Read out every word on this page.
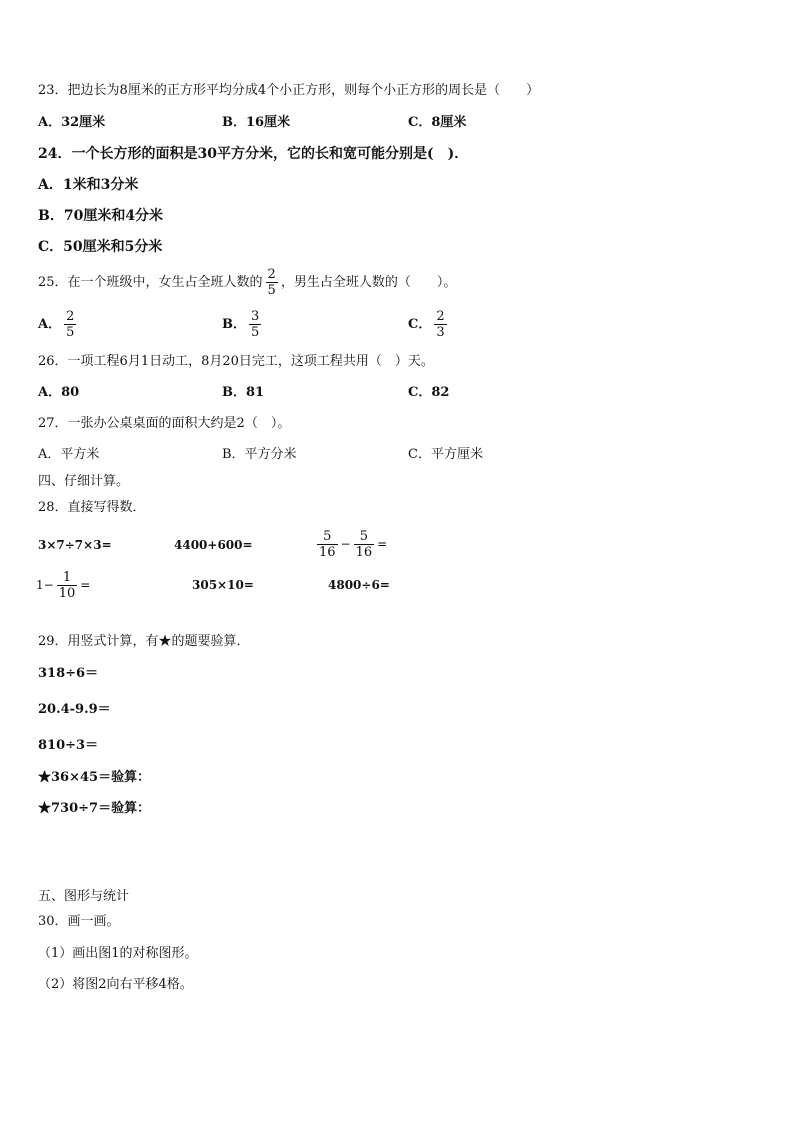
23．把边长为8厘米的正方形平均分成4个小正方形，则每个小正方形的周长是（　　）
A．32厘米	B．16厘米	C．8厘米
24．一个长方形的面积是30平方分米，它的长和宽可能分别是(　)．
A．1米和3分米
B．70厘米和4分米
C．50厘米和5分米
25．在一个班级中，女生占全班人数的 $\frac{2}{5}$ ，男生占全班人数的（　　）。
A． $\frac{2}{5}$	B． $\frac{3}{5}$	C． $\frac{2}{3}$
26．一项工程6月1日动工，8月20日完工，这项工程共用（　）天。
A．80	B．81	C．82
27．一张办公桌桌面的面积大约是2（　）。
A．平方米	B．平方分米	C．平方厘米
四、仔细计算。
28．直接写得数．
3×7÷7×3=	4400+600=	$\frac{5}{16} - \frac{5}{16}$ =
$1- \frac{1}{10}$ =	305×10=	4800÷6=
29．用竖式计算，有★的题要验算．
318÷6＝
20.4-9.9＝
810÷3＝
★36×45＝验算：
★730÷7＝验算：
五、图形与统计
30．画一画。
（1）画出图1的对称图形。
（2）将图2向右平移4格。
